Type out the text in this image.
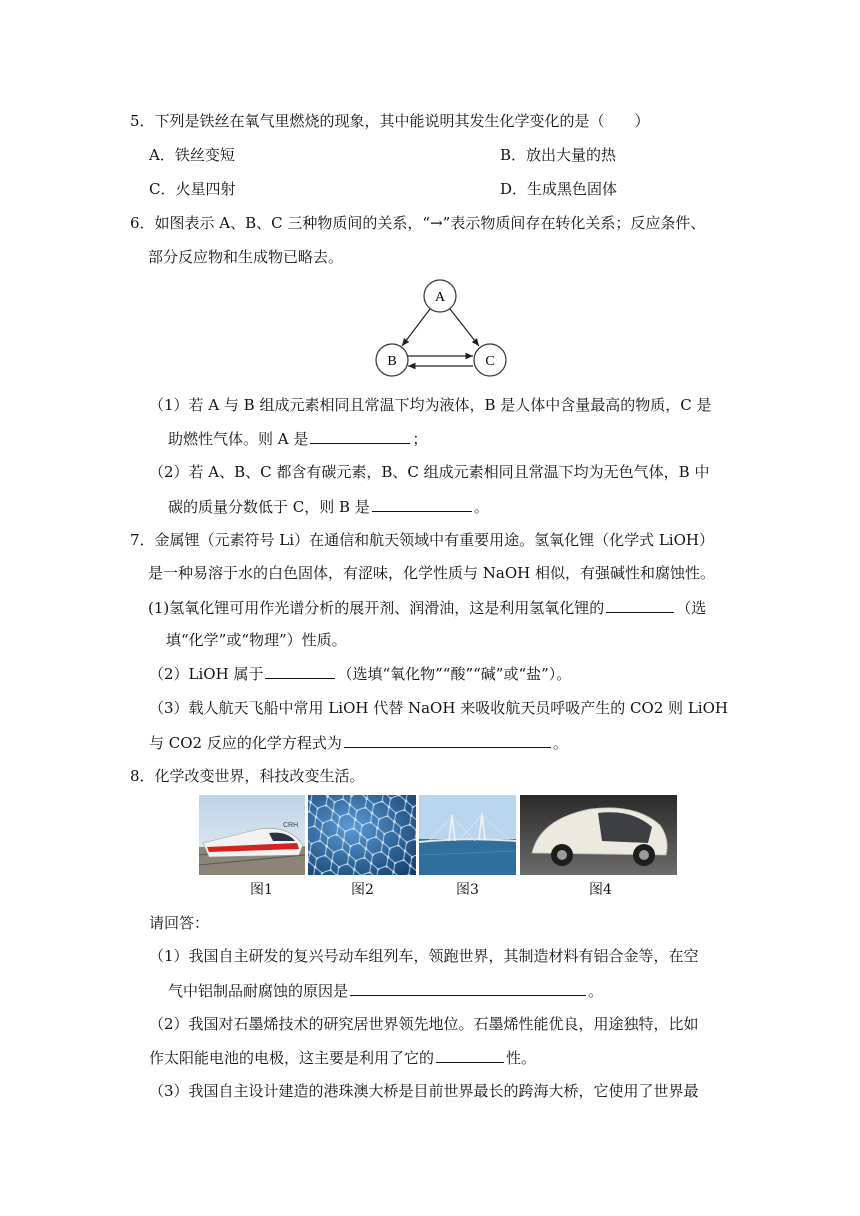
5．下列是铁丝在氧气里燃烧的现象，其中能说明其发生化学变化的是（　　）
A．铁丝变短	B．放出大量的热
C．火星四射	D．生成黑色固体
6．如图表示 A、B、C 三种物质间的关系，“→”表示物质间存在转化关系；反应条件、
部分反应物和生成物已略去。
A
B	C
（1）若 A 与 B 组成元素相同且常温下均为液体，B 是人体中含量最高的物质，C 是
助燃性气体。则 A 是	；
（2）若 A、B、C 都含有碳元素，B、C 组成元素相同且常温下均为无色气体，B 中
碳的质量分数低于 C，则 B 是	。
7．金属锂（元素符号 Li）在通信和航天领域中有重要用途。氢氧化锂（化学式 LiOH）
是一种易溶于水的白色固体，有涩味，化学性质与 NaOH 相似，有强碱性和腐蚀性。
(1)氢氧化锂可用作光谱分析的展开剂、润滑油，这是利用氢氧化锂的	（选
填“化学”或“物理”）性质。
（2）LiOH 属于	（选填“氧化物”“酸”“碱”或“盐”）。
（3）载人航天飞船中常用 LiOH 代替 NaOH 来吸收航天员呼吸产生的 CO2 则 LiOH
与 CO2 反应的化学方程式为	。
8．化学改变世界，科技改变生活。
CRH
图1	图2	图3	图4
请回答：
（1）我国自主研发的复兴号动车组列车，领跑世界，其制造材料有铝合金等，在空
气中铝制品耐腐蚀的原因是	。
（2）我国对石墨烯技术的研究居世界领先地位。石墨烯性能优良，用途独特，比如
作太阳能电池的电极，这主要是利用了它的	性。
（3）我国自主设计建造的港珠澳大桥是目前世界最长的跨海大桥，它使用了世界最
